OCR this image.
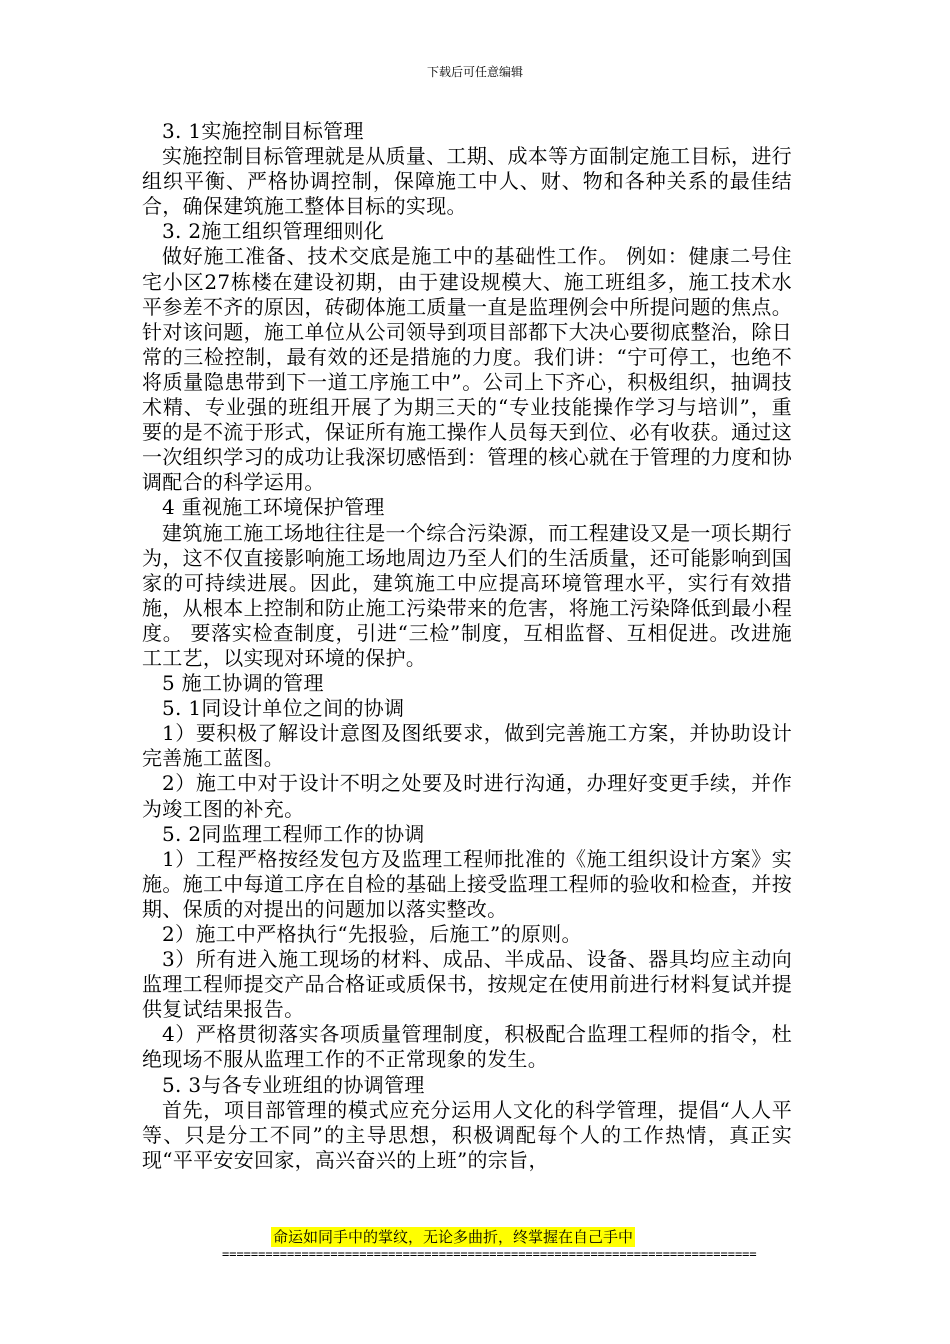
下载后可任意编辑

3. 1实施控制目标管理

实施控制目标管理就是从质量、工期、成本等方面制定施工目标，进行组织平衡、严格协调控制，保障施工中人、财、物和各种关系的最佳结合，确保建筑施工整体目标的实现。

3. 2施工组织管理细则化

做好施工准备、技术交底是施工中的基础性工作。 例如：健康二号住宅小区27栋楼在建设初期，由于建设规模大、施工班组多，施工技术水平参差不齐的原因，砖砌体施工质量一直是监理例会中所提问题的焦点。针对该问题，施工单位从公司领导到项目部都下大决心要彻底整治，除日常的三检控制，最有效的还是措施的力度。我们讲：“宁可停工，也绝不将质量隐患带到下一道工序施工中”。公司上下齐心，积极组织，抽调技术精、专业强的班组开展了为期三天的“专业技能操作学习与培训”，重要的是不流于形式，保证所有施工操作人员每天到位、必有收获。通过这一次组织学习的成功让我深切感悟到：管理的核心就在于管理的力度和协调配合的科学运用。

4 重视施工环境保护管理

建筑施工施工场地往往是一个综合污染源，而工程建设又是一项长期行为，这不仅直接影响施工场地周边乃至人们的生活质量，还可能影响到国家的可持续进展。因此，建筑施工中应提高环境管理水平，实行有效措施，从根本上控制和防止施工污染带来的危害，将施工污染降低到最小程度。 要落实检查制度，引进“三检”制度，互相监督、互相促进。改进施工工艺，以实现对环境的保护。

5 施工协调的管理

5. 1同设计单位之间的协调

1）要积极了解设计意图及图纸要求，做到完善施工方案，并协助设计完善施工蓝图。

2）施工中对于设计不明之处要及时进行沟通，办理好变更手续，并作为竣工图的补充。

5. 2同监理工程师工作的协调

1）工程严格按经发包方及监理工程师批准的《施工组织设计方案》实施。施工中每道工序在自检的基础上接受监理工程师的验收和检查，并按期、保质的对提出的问题加以落实整改。

2）施工中严格执行“先报验，后施工”的原则。

3）所有进入施工现场的材料、成品、半成品、设备、器具均应主动向监理工程师提交产品合格证或质保书，按规定在使用前进行材料复试并提供复试结果报告。

4）严格贯彻落实各项质量管理制度，积极配合监理工程师的指令，杜绝现场不服从监理工作的不正常现象的发生。

5. 3与各专业班组的协调管理

首先，项目部管理的模式应充分运用人文化的科学管理，提倡“人人平等、只是分工不同”的主导思想，积极调配每个人的工作热情，真正实现“平平安安回家，高兴奋兴的上班”的宗旨，

命运如同手中的掌纹，无论多曲折，终掌握在自己手中
==========================================================================
